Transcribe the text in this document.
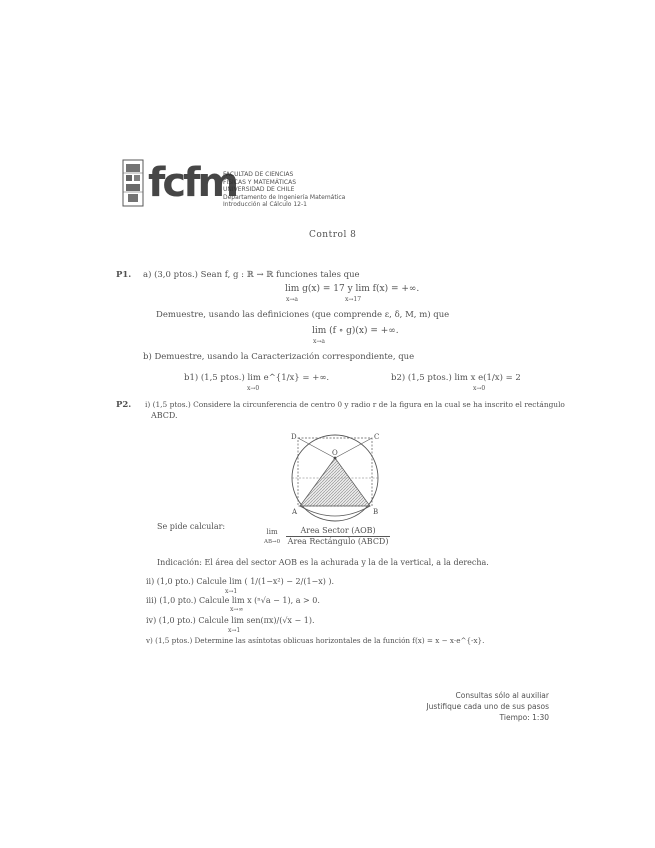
fcfm
FACULTAD DE CIENCIAS
FÍSICAS Y MATEMÁTICAS
UNIVERSIDAD DE CHILE
Departamento de Ingeniería Matemática
Introducción al Cálculo 12-1
Control 8
P1. a) (3,0 ptos.) Sean f, g : ℝ → ℝ funciones tales que
lim g(x) = 17 y lim f(x) = +∞.
x→a	x→17
Demuestre, usando las definiciones (que comprende ε, δ, M, m) que
lim (f ∘ g)(x) = +∞.
x→a
b) Demuestre, usando la Caracterización correspondiente, que
b1) (1,5 ptos.) lim e^{1/x} = +∞.
x→0
b2) (1,5 ptos.) lim x e(1/x) = 2
x→0
P2. i) (1,5 ptos.) Considere la circunferencia de centro 0 y radio r de la figura en la cual se ha inscrito el rectángulo
ABCD.
D	C
O
A	B
Se pide calcular:
lim
AB→0
$\frac{\text{Área Sector (AOB)}}{\text{Área Rectángulo (ABCD)}}$
Indicación: El área del sector AOB es la achurada y la de la vertical, a la derecha.
ii) (1,0 pto.) Calcule lim ( 1/(1−x²) − 2/(1−x) ).
x→1
iii) (1,0 pto.) Calcule lim x (ⁿ√a − 1), a > 0.
x→∞
iv) (1,0 pto.) Calcule lim sen(πx)/(√x − 1).
x→1
v) (1,5 ptos.) Determine las asíntotas oblicuas horizontales de la función f(x) = x − x·e^{-x}.
Consultas sólo al auxiliar
Justifique cada uno de sus pasos
Tiempo: 1:30
